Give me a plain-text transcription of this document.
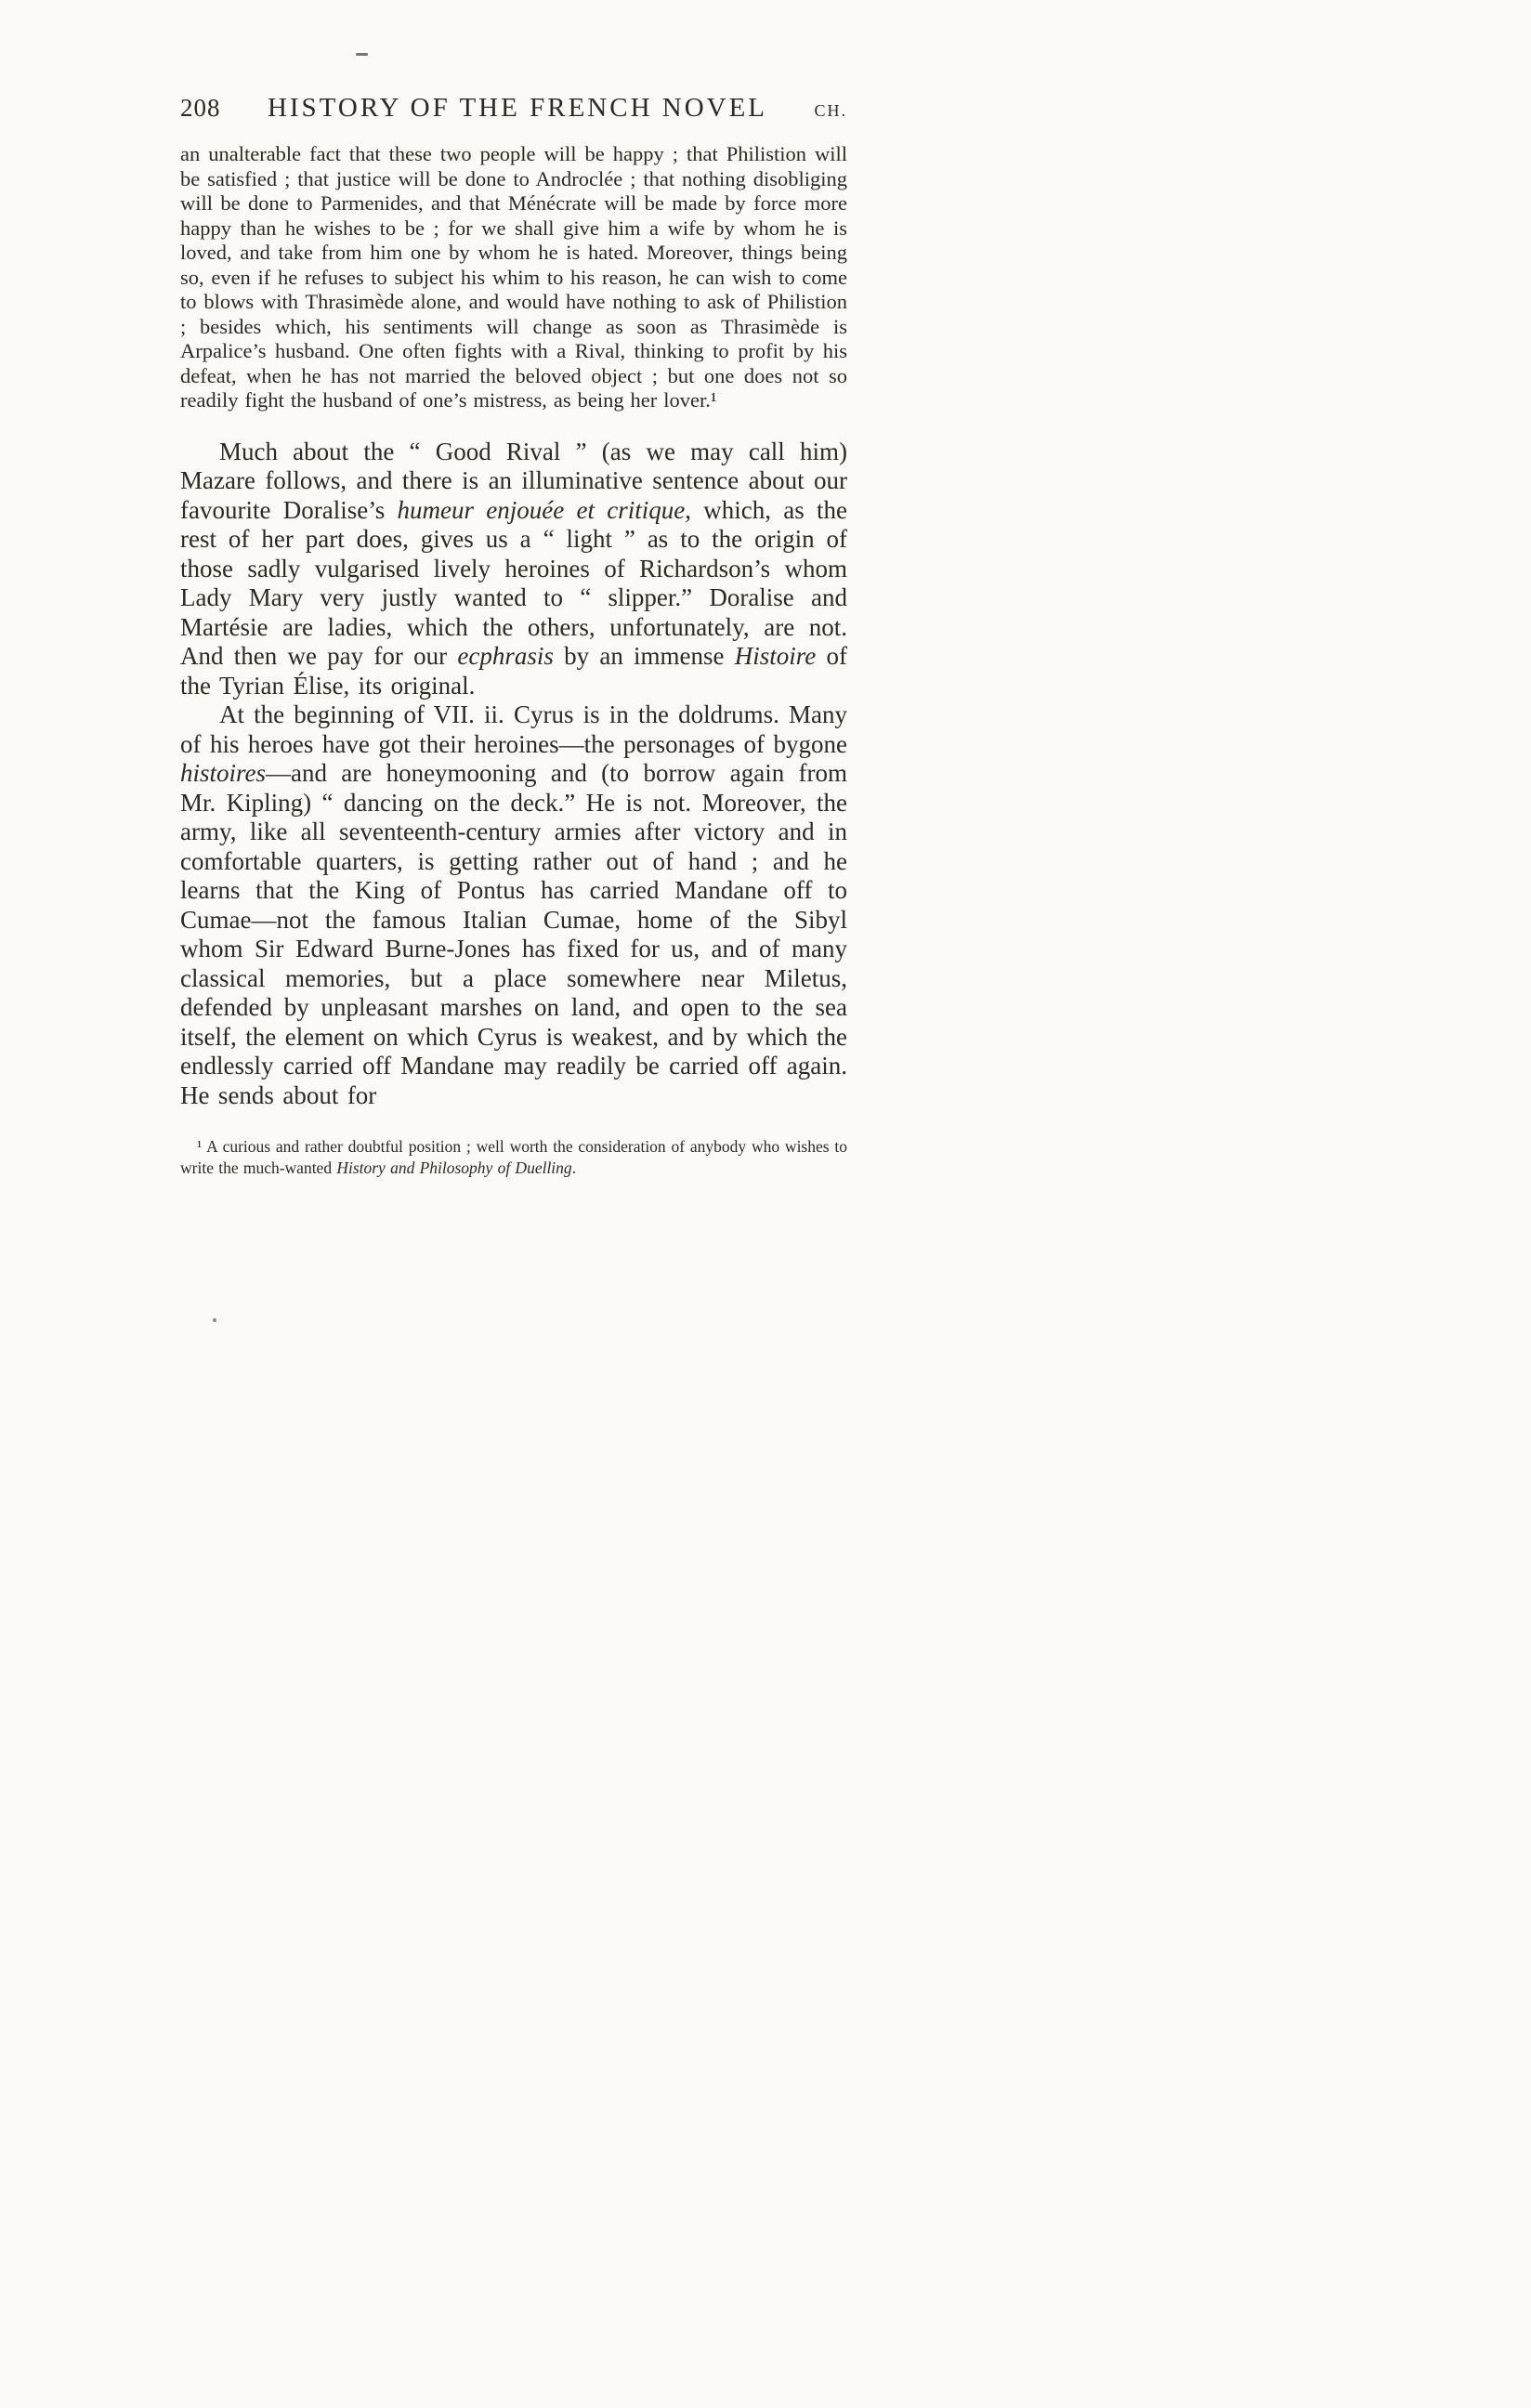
208	HISTORY OF THE FRENCH NOVEL	CH.

an unalterable fact that these two people will be happy ; that Philistion will be satisfied ; that justice will be done to Androclée ; that nothing disobliging will be done to Parmenides, and that Ménécrate will be made by force more happy than he wishes to be ; for we shall give him a wife by whom he is loved, and take from him one by whom he is hated. Moreover, things being so, even if he refuses to subject his whim to his reason, he can wish to come to blows with Thrasimède alone, and would have nothing to ask of Philistion ; besides which, his sentiments will change as soon as Thrasimède is Arpalice’s husband. One often fights with a Rival, thinking to profit by his defeat, when he has not married the beloved object ; but one does not so readily fight the husband of one’s mistress, as being her lover.¹

Much about the “ Good Rival ” (as we may call him) Mazare follows, and there is an illuminative sentence about our favourite Doralise’s humeur enjouée et critique, which, as the rest of her part does, gives us a “ light ” as to the origin of those sadly vulgarised lively heroines of Richardson’s whom Lady Mary very justly wanted to “ slipper.” Doralise and Martésie are ladies, which the others, unfortunately, are not. And then we pay for our ecphrasis by an immense Histoire of the Tyrian Élise, its original.

At the beginning of VII. ii. Cyrus is in the doldrums. Many of his heroes have got their heroines—the personages of bygone histoires—and are honeymooning and (to borrow again from Mr. Kipling) “ dancing on the deck.” He is not. Moreover, the army, like all seventeenth-century armies after victory and in comfortable quarters, is getting rather out of hand ; and he learns that the King of Pontus has carried Mandane off to Cumae—not the famous Italian Cumae, home of the Sibyl whom Sir Edward Burne-Jones has fixed for us, and of many classical memories, but a place somewhere near Miletus, defended by unpleasant marshes on land, and open to the sea itself, the element on which Cyrus is weakest, and by which the endlessly carried off Mandane may readily be carried off again. He sends about for

¹ A curious and rather doubtful position ; well worth the consideration of anybody who wishes to write the much-wanted History and Philosophy of Duelling.
